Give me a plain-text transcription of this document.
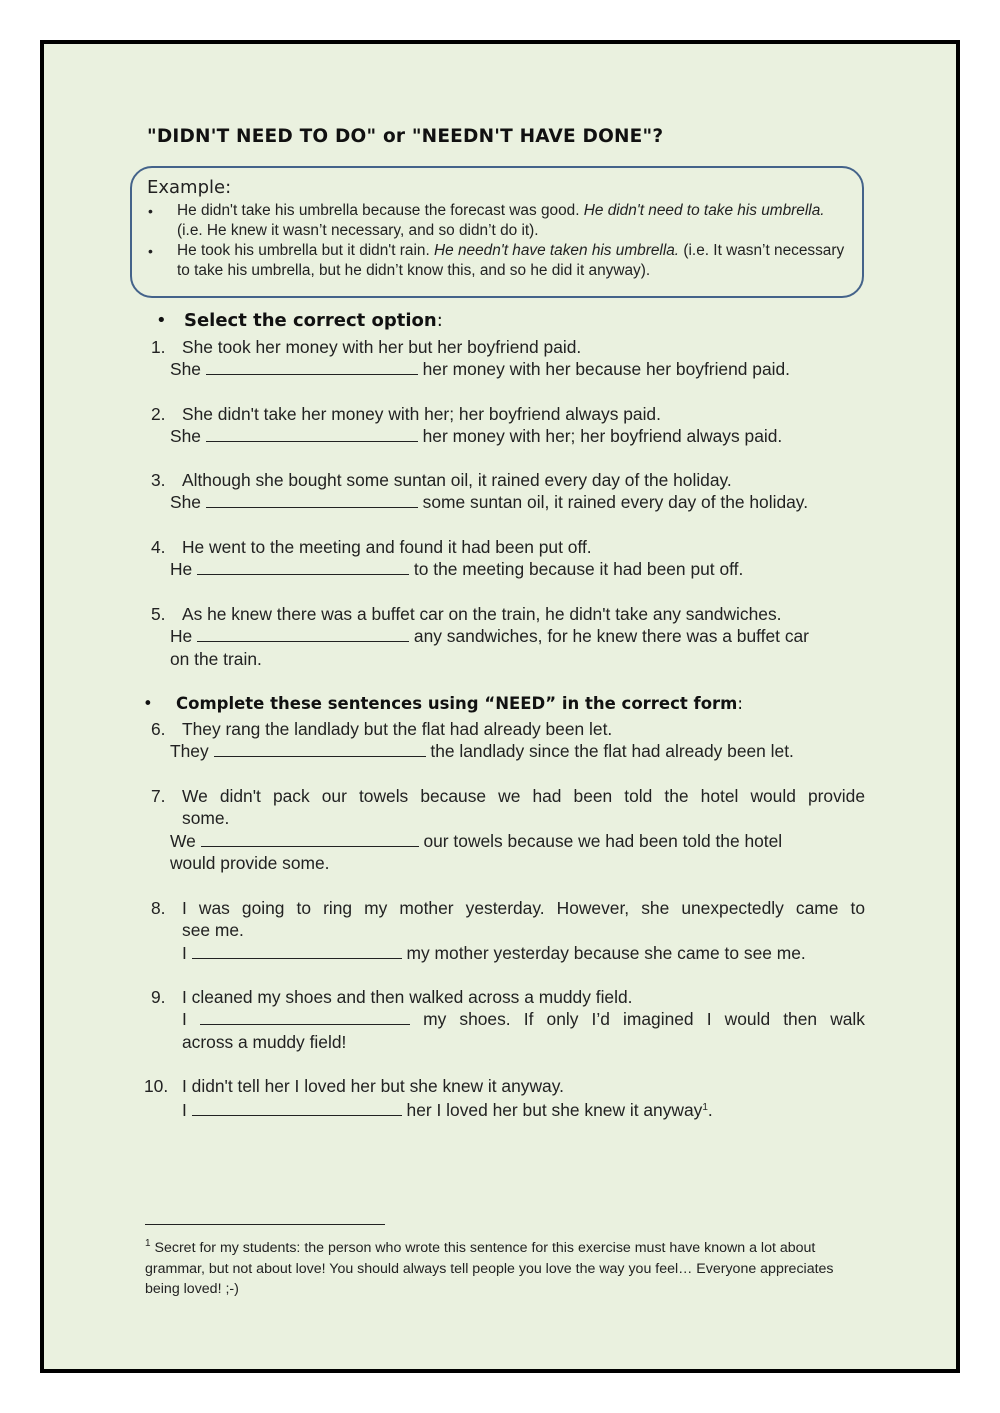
"DIDN'T NEED TO DO" or "NEEDN'T HAVE DONE"?
Example:
• He didn't take his umbrella because the forecast was good. He didn't need to take his umbrella. (i.e. He knew it wasn’t necessary, and so didn’t do it).
• He took his umbrella but it didn't rain. He needn't have taken his umbrella. (i.e. It wasn’t necessary to take his umbrella, but he didn’t know this, and so he did it anyway).
• Select the correct option:
1. She took her money with her but her boyfriend paid.
She	her money with her because her boyfriend paid.
2. She didn't take her money with her; her boyfriend always paid.
She	her money with her; her boyfriend always paid.
3. Although she bought some suntan oil, it rained every day of the holiday.
She	some suntan oil, it rained every day of the holiday.
4. He went to the meeting and found it had been put off.
He	to the meeting because it had been put off.
5. As he knew there was a buffet car on the train, he didn't take any sandwiches.
He	any sandwiches, for he knew there was a buffet car
on the train.
• Complete these sentences using “NEED” in the correct form:
6. They rang the landlady but the flat had already been let.
They	the landlady since the flat had already been let.
7. We didn't pack our towels because we had been told the hotel would provide
some.
We	our towels because we had been told the hotel
would provide some.
8. I was going to ring my mother yesterday. However, she unexpectedly came to
see me.
I	my mother yesterday because she came to see me.
9. I cleaned my shoes and then walked across a muddy field.
I	my shoes. If only I’d imagined I would then walk
across a muddy field!
10. I didn't tell her I loved her but she knew it anyway.
I	her I loved her but she knew it anyway$^1$.
$^1$ Secret for my students: the person who wrote this sentence for this exercise must have known a lot about grammar, but not about love! You should always tell people you love the way you feel… Everyone appreciates being loved! ;-)
